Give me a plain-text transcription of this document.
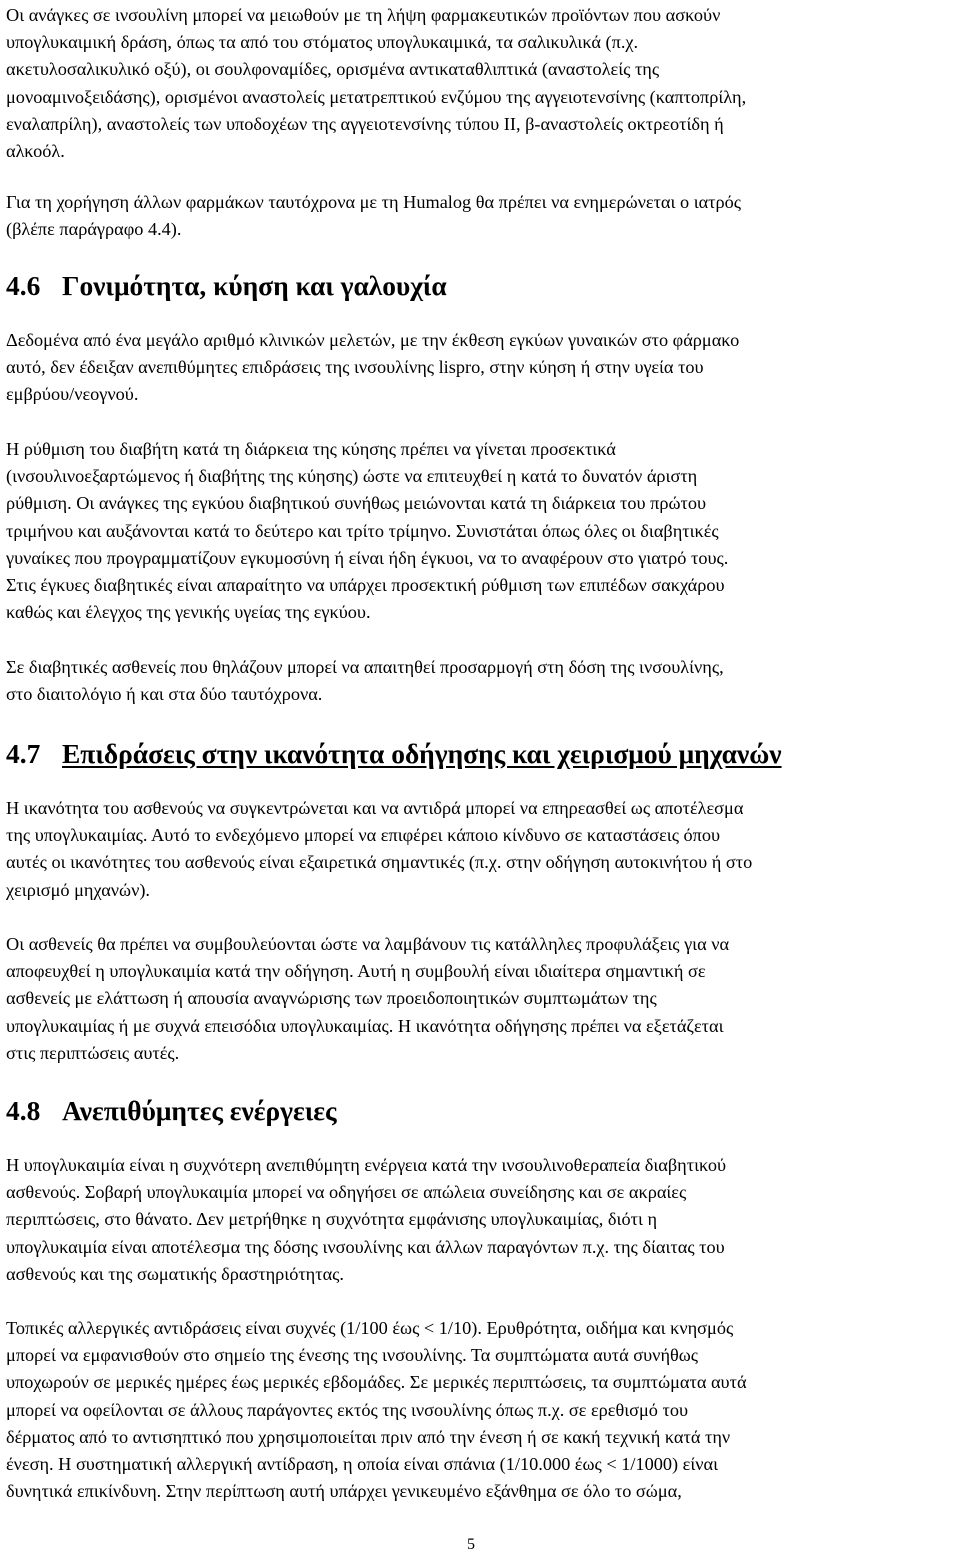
Οι ανάγκες σε ινσουλίνη μπορεί να μειωθούν με τη λήψη φαρμακευτικών προϊόντων που ασκούν
υπογλυκαιμική δράση, όπως τα από του στόματος υπογλυκαιμικά, τα σαλικυλικά (π.χ.
ακετυλοσαλικυλικό οξύ), οι σουλφοναμίδες, ορισμένα αντικαταθλιπτικά (αναστολείς της
μονοαμινοξειδάσης), ορισμένοι αναστολείς μετατρεπτικού ενζύμου της αγγειοτενσίνης (καπτοπρίλη,
εναλαπρίλη), αναστολείς των υποδοχέων της αγγειοτενσίνης τύπου ΙΙ, β-αναστολείς οκτρεοτίδη ή
αλκοόλ.

Για τη χορήγηση άλλων φαρμάκων ταυτόχρονα με τη Humalog θα πρέπει να ενημερώνεται ο ιατρός
(βλέπε παράγραφο 4.4).

4.6 Γονιμότητα, κύηση και γαλουχία

Δεδομένα από ένα μεγάλο αριθμό κλινικών μελετών, με την έκθεση εγκύων γυναικών στο φάρμακο
αυτό, δεν έδειξαν ανεπιθύμητες επιδράσεις της ινσουλίνης lispro, στην κύηση ή στην υγεία του
εμβρύου/νεογνού.

Η ρύθμιση του διαβήτη κατά τη διάρκεια της κύησης πρέπει να γίνεται προσεκτικά
(ινσουλινοεξαρτώμενος ή διαβήτης της κύησης) ώστε να επιτευχθεί η κατά το δυνατόν άριστη
ρύθμιση. Οι ανάγκες της εγκύου διαβητικού συνήθως μειώνονται κατά τη διάρκεια του πρώτου
τριμήνου και αυξάνονται κατά το δεύτερο και τρίτο τρίμηνο. Συνιστάται όπως όλες οι διαβητικές
γυναίκες που προγραμματίζουν εγκυμοσύνη ή είναι ήδη έγκυοι, να το αναφέρουν στο γιατρό τους.
Στις έγκυες διαβητικές είναι απαραίτητο να υπάρχει προσεκτική ρύθμιση των επιπέδων σακχάρου
καθώς και έλεγχος της γενικής υγείας της εγκύου.

Σε διαβητικές ασθενείς που θηλάζουν μπορεί να απαιτηθεί προσαρμογή στη δόση της ινσουλίνης,
στο διαιτολόγιο ή και στα δύο ταυτόχρονα.

4.7 Επιδράσεις στην ικανότητα οδήγησης και χειρισμού μηχανών

Η ικανότητα του ασθενούς να συγκεντρώνεται και να αντιδρά μπορεί να επηρεασθεί ως αποτέλεσμα
της υπογλυκαιμίας. Αυτό το ενδεχόμενο μπορεί να επιφέρει κάποιο κίνδυνο σε καταστάσεις όπου
αυτές οι ικανότητες του ασθενούς είναι εξαιρετικά σημαντικές (π.χ. στην οδήγηση αυτοκινήτου ή στο
χειρισμό μηχανών).

Οι ασθενείς θα πρέπει να συμβουλεύονται ώστε να λαμβάνουν τις κατάλληλες προφυλάξεις για να
αποφευχθεί η υπογλυκαιμία κατά την οδήγηση. Αυτή η συμβουλή είναι ιδιαίτερα σημαντική σε
ασθενείς με ελάττωση ή απουσία αναγνώρισης των προειδοποιητικών συμπτωμάτων της
υπογλυκαιμίας ή με συχνά επεισόδια υπογλυκαιμίας. Η ικανότητα οδήγησης πρέπει να εξετάζεται
στις περιπτώσεις αυτές.

4.8 Ανεπιθύμητες ενέργειες

Η υπογλυκαιμία είναι η συχνότερη ανεπιθύμητη ενέργεια κατά την ινσουλινοθεραπεία διαβητικού
ασθενούς. Σοβαρή υπογλυκαιμία μπορεί να οδηγήσει σε απώλεια συνείδησης και σε ακραίες
περιπτώσεις, στο θάνατο. Δεν μετρήθηκε η συχνότητα εμφάνισης υπογλυκαιμίας, διότι η
υπογλυκαιμία είναι αποτέλεσμα της δόσης ινσουλίνης και άλλων παραγόντων π.χ. της δίαιτας του
ασθενούς και της σωματικής δραστηριότητας.

Τοπικές αλλεργικές αντιδράσεις είναι συχνές (1/100 έως < 1/10). Ερυθρότητα, οιδήμα και κνησμός
μπορεί να εμφανισθούν στο σημείο της ένεσης της ινσουλίνης. Τα συμπτώματα αυτά συνήθως
υποχωρούν σε μερικές ημέρες έως μερικές εβδομάδες. Σε μερικές περιπτώσεις, τα συμπτώματα αυτά
μπορεί να οφείλονται σε άλλους παράγοντες εκτός της ινσουλίνης όπως π.χ. σε ερεθισμό του
δέρματος από το αντισηπτικό που χρησιμοποιείται πριν από την ένεση ή σε κακή τεχνική κατά την
ένεση. Η συστηματική αλλεργική αντίδραση, η οποία είναι σπάνια (1/10.000 έως < 1/1000) είναι
δυνητικά επικίνδυνη. Στην περίπτωση αυτή υπάρχει γενικευμένο εξάνθημα σε όλο το σώμα,

5
